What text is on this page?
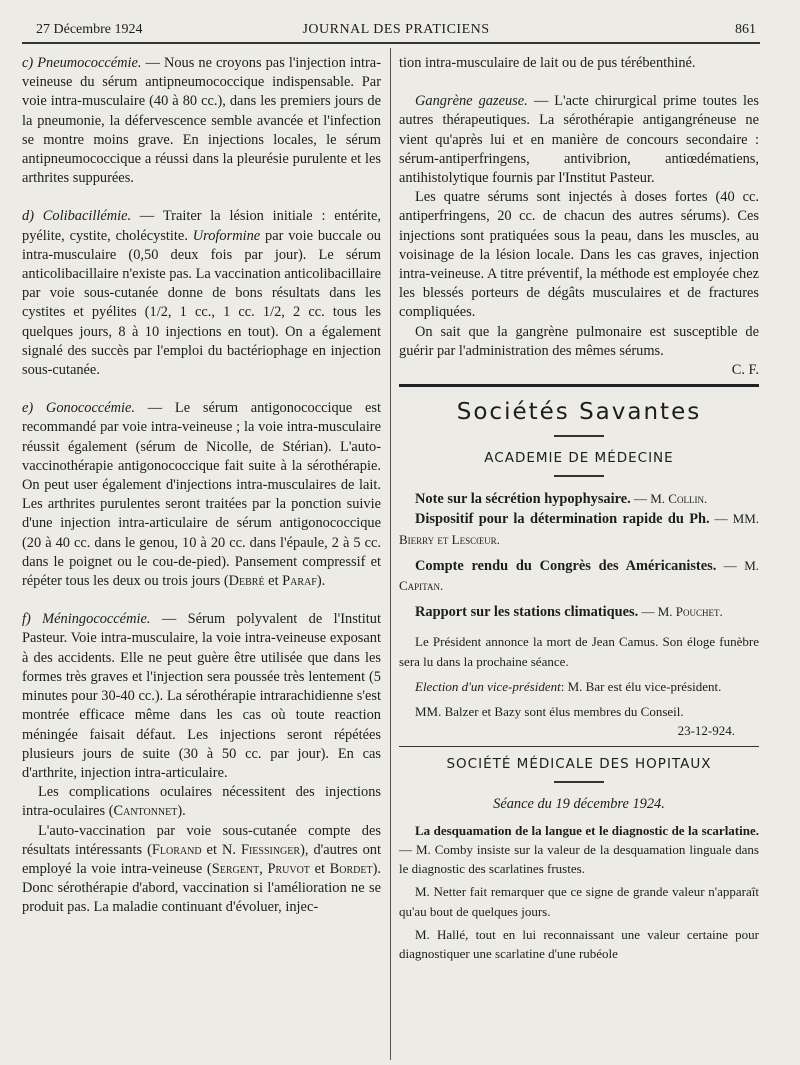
27 Décembre 1924	JOURNAL DES PRATICIENS	861

c) Pneumococcémie. — Nous ne croyons pas l'injection intra-veineuse du sérum antipneumococcique indispensable. Par voie intra-musculaire (40 à 80 cc.), dans les premiers jours de la pneumonie, la défervescence semble avancée et l'infection se montre moins grave. En injections locales, le sérum antipneumococcique a réussi dans la pleurésie purulente et les arthrites suppurées.

d) Colibacillémie. — Traiter la lésion initiale : entérite, pyélite, cystite, cholécystite. Uroformine par voie buccale ou intra-musculaire (0,50 deux fois par jour). Le sérum anticolibacillaire n'existe pas. La vaccination anticolibacillaire par voie sous-cutanée donne de bons résultats dans les cystites et pyélites (1/2, 1 cc., 1 cc. 1/2, 2 cc. tous les quelques jours, 8 à 10 injections en tout). On a également signalé des succès par l'emploi du bactériophage en injection sous-cutanée.

e) Gonococcémie. — Le sérum antigonococcique est recommandé par voie intra-veineuse ; la voie intra-musculaire réussit également (sérum de Nicolle, de Stérian). L'auto-vaccinothérapie antigonococcique fait suite à la sérothérapie. On peut user également d'injections intra-musculaires de lait. Les arthrites purulentes seront traitées par la ponction suivie d'une injection intra-articulaire de sérum antigonococcique (20 à 40 cc. dans le genou, 10 à 20 cc. dans l'épaule, 2 à 5 cc. dans le poignet ou le cou-de-pied). Pansement compressif et répéter tous les deux ou trois jours (Debré et Paraf).

f) Méningococcémie. — Sérum polyvalent de l'Institut Pasteur. Voie intra-musculaire, la voie intra-veineuse exposant à des accidents. Elle ne peut guère être utilisée que dans les formes très graves et l'injection sera poussée très lentement (5 minutes pour 30-40 cc.). La sérothérapie intrarachidienne s'est montrée efficace même dans les cas où toute reaction méningée faisait défaut. Les injections seront répétées plusieurs jours de suite (30 à 50 cc. par jour). En cas d'arthrite, injection intra-articulaire.

Les complications oculaires nécessitent des injections intra-oculaires (Cantonnet).

L'auto-vaccination par voie sous-cutanée compte des résultats intéressants (Florand et N. Fiessinger), d'autres ont employé la voie intra-veineuse (Sergent, Pruvot et Bordet). Donc sérothérapie d'abord, vaccination si l'amélioration ne se produit pas. La maladie continuant d'évoluer, injec-

tion intra-musculaire de lait ou de pus térébenthiné.

Gangrène gazeuse. — L'acte chirurgical prime toutes les autres thérapeutiques. La sérothérapie antigangréneuse ne vient qu'après lui et en manière de concours secondaire : sérum-antiperfringens, antivibrion, antiœdématiens, antihistolytique fournis par l'Institut Pasteur.

Les quatre sérums sont injectés à doses fortes (40 cc. antiperfringens, 20 cc. de chacun des autres sérums). Ces injections sont pratiquées sous la peau, dans les muscles, au voisinage de la lésion locale. Dans les cas graves, injection intra-veineuse. A titre préventif, la méthode est employée chez les blessés porteurs de dégâts musculaires et de fractures compliquées.

On sait que la gangrène pulmonaire est susceptible de guérir par l'administration des mêmes sérums.

C. F.

Sociétés Savantes
ACADEMIE DE MÉDECINE

Note sur la sécrétion hypophysaire. — M. Collin.

Dispositif pour la détermination rapide du Ph. — MM. Bierry et Lescœur.

Compte rendu du Congrès des Américanistes. — M. Capitan.

Rapport sur les stations climatiques. — M. Pouchet.

Le Président annonce la mort de Jean Camus. Son éloge funèbre sera lu dans la prochaine séance.

Election d'un vice-président: M. Bar est élu vice-président.

MM. Balzer et Bazy sont élus membres du Conseil.

23-12-924.

SOCIÉTÉ MÉDICALE DES HOPITAUX

Séance du 19 décembre 1924.

La desquamation de la langue et le diagnostic de la scarlatine. — M. Comby insiste sur la valeur de la desquamation linguale dans le diagnostic des scarlatines frustes.

M. Netter fait remarquer que ce signe de grande valeur n'apparaît qu'au bout de quelques jours.

M. Hallé, tout en lui reconnaissant une valeur certaine pour diagnostiquer une scarlatine d'une rubéole
